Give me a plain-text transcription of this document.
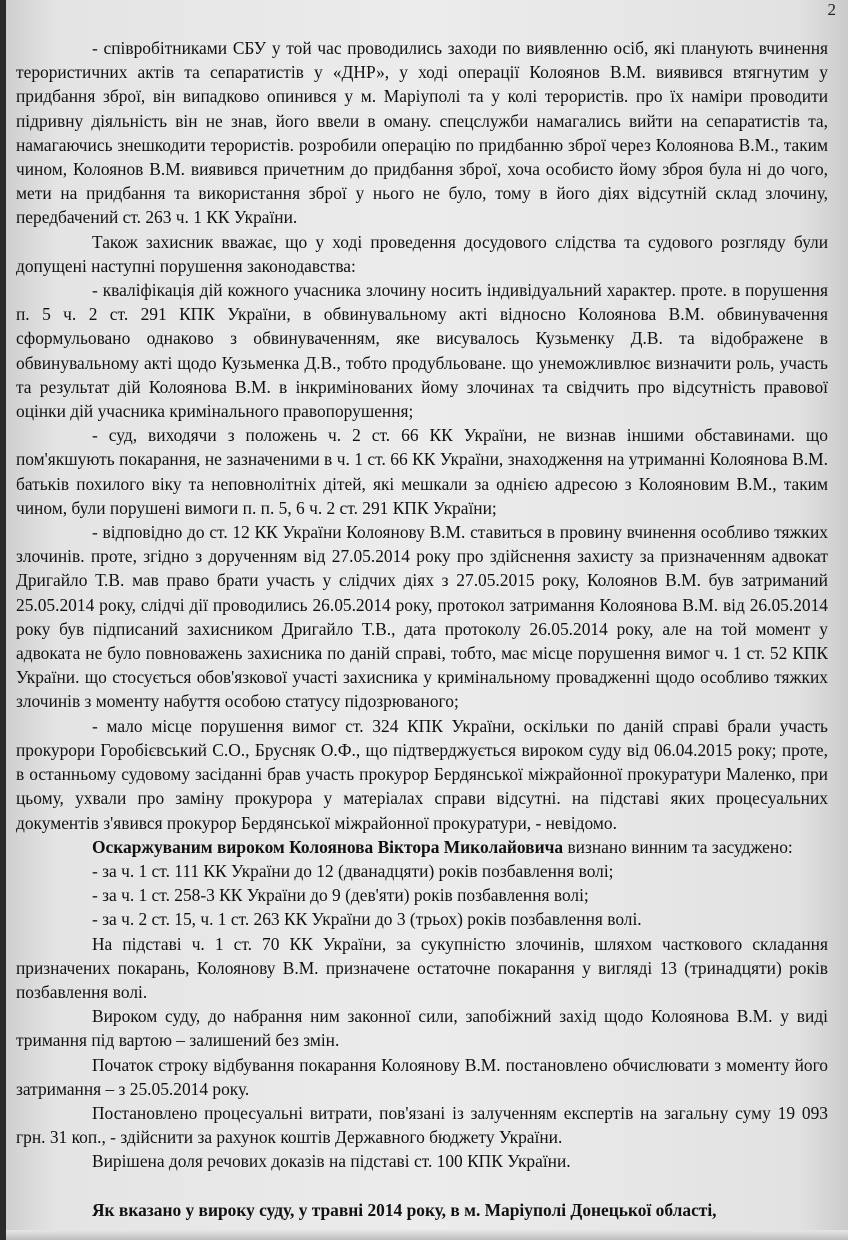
2

- співробітниками СБУ у той час проводились заходи по виявленню осіб, які планують вчинення терористичних актів та сепаратистів у «ДНР», у ході операції Колоянов В.М. виявився втягнутим у придбання зброї, він випадково опинився у м. Маріуполі та у колі терористів. про їх наміри проводити підривну діяльність він не знав, його ввели в оману. спецслужби намагались вийти на сепаратистів та, намагаючись знешкодити терористів. розробили операцію по придбанню зброї через Колоянова В.М., таким чином, Колоянов В.М. виявився причетним до придбання зброї, хоча особисто йому зброя була ні до чого, мети на придбання та використання зброї у нього не було, тому в його діях відсутній склад злочину, передбачений ст. 263 ч. 1 КК України.

Також захисник вважає, що у ході проведення досудового слідства та судового розгляду були допущені наступні порушення законодавства:

- кваліфікація дій кожного учасника злочину носить індивідуальний характер. проте. в порушення п. 5 ч. 2 ст. 291 КПК України, в обвинувальному акті відносно Колоянова В.М. обвинувачення сформульовано однаково з обвинуваченням, яке висувалось Кузьменку Д.В. та відображене в обвинувальному акті щодо Кузьменка Д.В., тобто продубльоване. що унеможливлює визначити роль, участь та результат дій Колоянова В.М. в інкримінованих йому злочинах та свідчить про відсутність правової оцінки дій учасника кримінального правопорушення;

- суд, виходячи з положень ч. 2 ст. 66 КК України, не визнав іншими обставинами. що пом'якшують покарання, не зазначеними в ч. 1 ст. 66 КК України, знаходження на утриманні Колоянова В.М. батьків похилого віку та неповнолітніх дітей, які мешкали за однією адресою з Колояновим В.М., таким чином, були порушені вимоги п. п. 5, 6 ч. 2 ст. 291 КПК України;

- відповідно до ст. 12 КК України Колоянову В.М. ставиться в провину вчинення особливо тяжких злочинів. проте, згідно з дорученням від 27.05.2014 року про здійснення захисту за призначенням адвокат Дригайло Т.В. мав право брати участь у слідчих діях з 27.05.2015 року, Колоянов В.М. був затриманий 25.05.2014 року, слідчі дії проводились 26.05.2014 року, протокол затримання Колоянова В.М. від 26.05.2014 року був підписаний захисником Дригайло Т.В., дата протоколу 26.05.2014 року, але на той момент у адвоката не було повноважень захисника по даній справі, тобто, має місце порушення вимог ч. 1 ст. 52 КПК України. що стосується обов'язкової участі захисника у кримінальному провадженні щодо особливо тяжких злочинів з моменту набуття особою статусу підозрюваного;

- мало місце порушення вимог ст. 324 КПК України, оскільки по даній справі брали участь прокурори Горобієвський С.О., Брусняк О.Ф., що підтверджується вироком суду від 06.04.2015 року; проте, в останньому судовому засіданні брав участь прокурор Бердянської міжрайонної прокуратури Маленко, при цьому, ухвали про заміну прокурора у матеріалах справи відсутні. на підставі яких процесуальних документів з'явився прокурор Бердянської міжрайонної прокуратури, - невідомо.

Оскаржуваним вироком Колоянова Віктора Миколайовича визнано винним та засуджено:

- за ч. 1 ст. 111 КК України до 12 (дванадцяти) років позбавлення волі;

- за ч. 1 ст. 258-3 КК України до 9 (дев'яти) років позбавлення волі;

- за ч. 2 ст. 15, ч. 1 ст. 263 КК України до 3 (трьох) років позбавлення волі.

На підставі ч. 1 ст. 70 КК України, за сукупністю злочинів, шляхом часткового складання призначених покарань, Колоянову В.М. призначене остаточне покарання у вигляді 13 (тринадцяти) років позбавлення волі.

Вироком суду, до набрання ним законної сили, запобіжний захід щодо Колоянова В.М. у виді тримання під вартою – залишений без змін.

Початок строку відбування покарання Колоянову В.М. постановлено обчислювати з моменту його затримання – з 25.05.2014 року.

Постановлено процесуальні витрати, пов'язані із залученням експертів на загальну суму 19 093 грн. 31 коп., - здійснити за рахунок коштів Державного бюджету України.

Вирішена доля речових доказів на підставі ст. 100 КПК України.

Як вказано у вироку суду, у травні 2014 року, в м. Маріуполі Донецької області,
